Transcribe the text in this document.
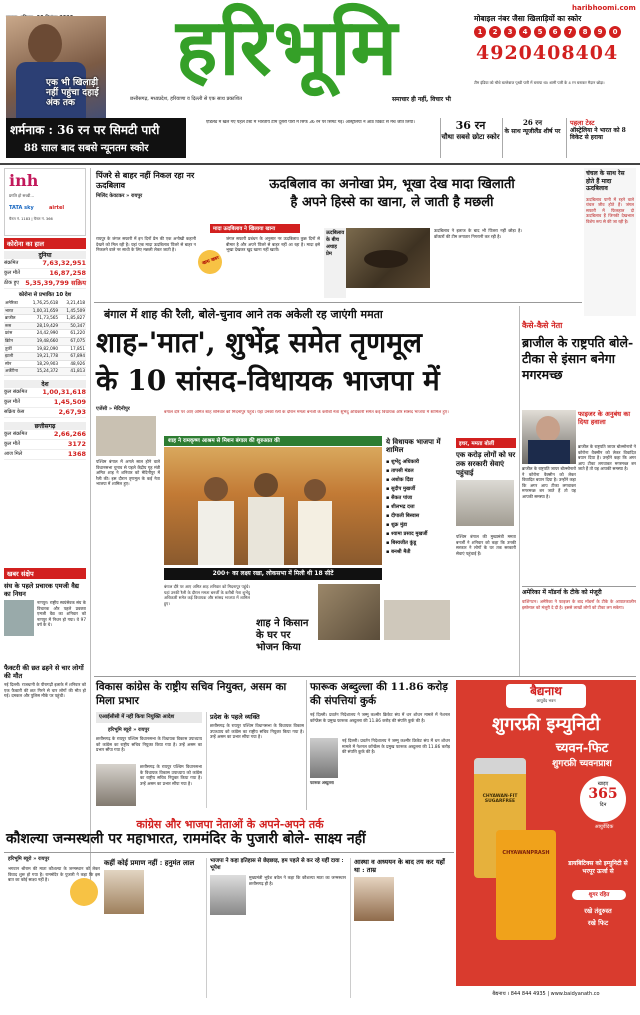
एक भी खिलाड़ी नहीं पहुंचा दहाई अंक तक
हरिभूमि
छत्तीसगढ़, मध्यप्रदेश, हरियाणा व दिल्ली से एक साथ प्रकाशित	समाचार ही नहीं, विचार भी
haribhoomi.com
मोबाइल नंबर जैसा खिलाड़ियों का स्कोर
1	2	3	4	5	6	7	8	9	0
4920408404
टीम इंडिया को चौथे बल्लेबाज पृथ्वी पारी में बनाया था। शामी पारी के 4 रन बनाकर मैदान छोड़ा।
शर्मनाक : 36 रन पर सिमटी पारी
88 साल बाद सबसे न्यूनतम स्कोर
एडिलेड में खेले गए पहले टेस्ट में भारतीय टीम दूसरी पारी में सिर्फ 36 रन पर सिमट गई। ऑस्ट्रेलिया ने आठ विकेट से मैच जीत लिया।	36 रन
चौथा सबसे छोटा स्कोर
26 रन
के साथ न्यूजीलैंड शीर्ष पर
पहला टेस्ट
ऑस्ट्रेलिया ने भारत को 8 विकेट से हराया
inh
प्रगति हो सच्ची...
TATA sky	airtel
चैनल नं. 1183 | चैनल नं. 366
कोरोना का हाल
दुनिया
संक्रमित	7,63,32,951
कुल मौतें	16,87,258
ठीक हुए 5,35,39,799 सक्रिय
कोरोना से प्रभावित 10 देश
अमेरिका	1,76,25,618	3,21,418
भारत	1,00,31,659	1,45,509
ब्राजील	71,73,565	1,85,827
रूस	28,19,429	50,347
फ्रांस	24,42,990	61,220
ब्रिटेन	19,48,660	67,075
तुर्की	19,82,090	17,851
इटली	19,21,778	67,894
स्पेन	18,29,903	48,926
अर्जेंटीना	15,24,372	41,813
देश
कुल संक्रमित 1,00,31,618
कुल मौतें	1,45,509
सक्रिय केस	2,67,93
छत्तीसगढ़
कुल संक्रमित	2,66,266
कुल मौतें	3172
आज मिले	1368
खबर संक्षेप
संघ के पहले प्रचारक एमजी वैद्य का निधन
नागपुर। राष्ट्रीय स्वयंसेवक संघ के विचारक और पहले प्रवक्ता एमजी वैद्य का शनिवार को नागपुर में निधन हो गया। वे 97 वर्ष के थे।
फैक्टरी की छत ढहने से चार लोगों की मौत
नई दिल्ली। राजधानी के पीरागढ़ी इलाके में शनिवार को एक फैक्टरी की छत गिरने से चार लोगों की मौत हो गई। दमकल और पुलिस मौके पर पहुंची।
पिंजरे से बाहर नहीं निकल रहा नर ऊदबिलाव
मिलिंद केवटकर » रायपुर
ऊदबिलाव का अनोखा प्रेम, भूखा देख मादा खिलाती
है अपने हिस्से का खाना, ले जाती है मछली
रायपुर के जंगल सफारी में इन दिनों प्रेम की एक अनोखी कहानी देखने को मिल रही है। यहां एक मादा ऊदबिलाव पिंजरे से बाहर न निकलने वाले नर साथी के लिए मछली लेकर जाती है।
खास खबर
मादा ऊदबिलाव ने खिलाया खाना
जंगल सफारी प्रबंधन के अनुसार नर ऊदबिलाव कुछ दिनों से बीमार है और अपने पिंजरे से बाहर नहीं आ रहा है। मादा इसे भूखा देखकर खुद खाना नहीं खाती।
ऊदबिलाव के बीच अथाह प्रेम
ऊदबिलाव ने इलाज के बाद भी पिंजरा नहीं छोड़ा है। डॉक्टरों की टीम लगातार निगरानी कर रही है।
चंचल के साथ रेस होते हैं मादा ऊदबिलाव
ऊदबिलाव पानी में रहने वाले चंचल जीव होते हैं। जंगल सफारी में फिलहाल दो ऊदबिलाव हैं जिनकी देखभाल विशेष रूप से की जा रही है।
बंगाल में शाह की रैली, बोले-चुनाव आने तक अकेली रह जाएंगी ममता
शाह-'मात', शुभेंद्र समेत तृणमूल
के 10 सांसद-विधायक भाजपा में
एजेंसी » मेदिनीपुर
पश्चिम बंगाल में अगले साल होने वाले विधानसभा चुनाव से पहले केंद्रीय गृह मंत्री अमित शाह ने शनिवार को मेदिनीपुर में रैली की। इस दौरान तृणमूल के कई नेता भाजपा में शामिल हुए।
बंगाल दौरे पर आए अमित शाह शनिवार को मिदनापुर पहुंचे। यहां उनकी रैली के दौरान ममता बनर्जी के करीबी नेता शुभेंदु अधिकारी समेत कई विधायक और सांसद भाजपा में शामिल हुए।
शाह ने रामकृष्ण आश्रम से मिशन बंगाल की शुरुआत की
200+ का लक्ष्य रखा, लोकसभा में मिली थी 18 सीटें
ये विधायक भाजपा में शामिल
▪ शुभेंदु अधिकारी
▪ तापसी मंडल
▪ अशोक दिंडा
▪ सुदीप मुखर्जी
▪ सैकत पांजा
▪ शीलभद्र दत्ता
▪ दीपाली बिस्वास
▪ शुक्र मुंडा
▪ श्यामा प्रसाद मुखर्जी
▪ बिस्वजीत कुंडू
▪ बनश्री मैती
बंगाल दौरे पर आए अमित शाह शनिवार को मिदनापुर पहुंचे। यहां उनकी रैली के दौरान ममता बनर्जी के करीबी नेता शुभेंदु अधिकारी समेत कई विधायक और सांसद भाजपा में शामिल हुए।
शाह ने किसान के घर पर भोजन किया
इधर, ममता बोलीं
एक करोड़ लोगों को घर तक सरकारी सेवाएं पहुंचाई
पश्चिम बंगाल की मुख्यमंत्री ममता बनर्जी ने शनिवार को कहा कि उनकी सरकार ने लोगों के घर तक सरकारी सेवाएं पहुंचाई हैं।
कैसे-कैसे नेता
ब्राजील के राष्ट्रपति बोले-टीका से इंसान बनेगा मगरमच्छ
फाइजर के अनुबंध का दिया हवाला
ब्राजील के राष्ट्रपति जायर बोल्सोनारो ने कोरोना वैक्सीन को लेकर विवादित बयान दिया है। उन्होंने कहा कि अगर आप टीका लगवाकर मगरमच्छ बन जाते हैं तो यह आपकी समस्या है।
ब्राजील के राष्ट्रपति जायर बोल्सोनारो ने कोरोना वैक्सीन को लेकर विवादित बयान दिया है। उन्होंने कहा कि अगर आप टीका लगवाकर मगरमच्छ बन जाते हैं तो यह आपकी समस्या है।
अमेरिका में मॉडर्ना के टीके को मंजूरी
वाशिंगटन। अमेरिका ने फाइजर के बाद मॉडर्ना के टीके के आपातकालीन इस्तेमाल को मंजूरी दे दी है। इससे लाखों लोगों को टीका लग सकेगा।
विकास कांग्रेस के राष्ट्रीय सचिव नियुक्त, असम का मिला प्रभार
एआईसीसी में नहीं किया नियुक्ति आदेश
हरिभूमि ब्यूरो » रायपुर
छत्तीसगढ़ के रायपुर पश्चिम विधानसभा के विधायक विकास उपाध्याय को कांग्रेस का राष्ट्रीय सचिव नियुक्त किया गया है। उन्हें असम का प्रभार सौंपा गया है।
छत्तीसगढ़ के रायपुर पश्चिम विधानसभा के विधायक विकास उपाध्याय को कांग्रेस का राष्ट्रीय सचिव नियुक्त किया गया है। उन्हें असम का प्रभार सौंपा गया है।
प्रदेश के पहले व्यक्ति
छत्तीसगढ़ के रायपुर पश्चिम विधानसभा के विधायक विकास उपाध्याय को कांग्रेस का राष्ट्रीय सचिव नियुक्त किया गया है। उन्हें असम का प्रभार सौंपा गया है।
फारूक अब्दुल्ला की 11.86 करोड़ की संपत्तियां कुर्क
नई दिल्ली। प्रवर्तन निदेशालय ने जम्मू कश्मीर क्रिकेट संघ में धन शोधन मामले में नेशनल कॉन्फ्रेंस के प्रमुख फारूक अब्दुल्ला की 11.86 करोड़ की संपत्ति कुर्क की है।
फारूक अब्दुल्ला
नई दिल्ली। प्रवर्तन निदेशालय ने जम्मू कश्मीर क्रिकेट संघ में धन शोधन मामले में नेशनल कॉन्फ्रेंस के प्रमुख फारूक अब्दुल्ला की 11.86 करोड़ की संपत्ति कुर्क की है।
बैद्यनाथ
आयुर्वेद भवन
शुगरफ्री इम्युनिटी
च्यवन-फिट
शुगरफ्री च्यवनप्राश
CHYAWAN-FIT SUGARFREE
CHYAWANPRASH
खाइए
365
दिन
आयुर्वेदिक
डायबिटिक्स को इम्युनिटी से भरपूर ऊर्जा से
शुगर रहित
रखे तंदुरुस्त
रखे फिट
बैद्यनाथ । 844 844 4935 | www.baidyanath.co
कांग्रेस और भाजपा नेताओं के अपने-अपने तर्क
कौशल्या जन्मस्थली पर महाभारत, राममंदिर के पुजारी बोले- साक्ष्य नहीं
हरिभूमि ब्यूरो » रायपुर
भगवान श्रीराम की माता कौशल्या के जन्मस्थान को लेकर विवाद शुरू हो गया है। राममंदिर के पुजारी ने कहा कि इस बात का कोई साक्ष्य नहीं है।
कहीं कोई प्रमाण नहीं : हनुमंत लाल	भाजपा ने कहा इतिहास से छेड़छाड़, हम पहले से कर रहे यहीं दावा : भूपेश
मुख्यमंत्री भूपेश बघेल ने कहा कि कौशल्या माता का जन्मस्थान छत्तीसगढ़ ही है।
आस्था व अध्ययन के बाद तय कर यहाँ था : ताम्र
